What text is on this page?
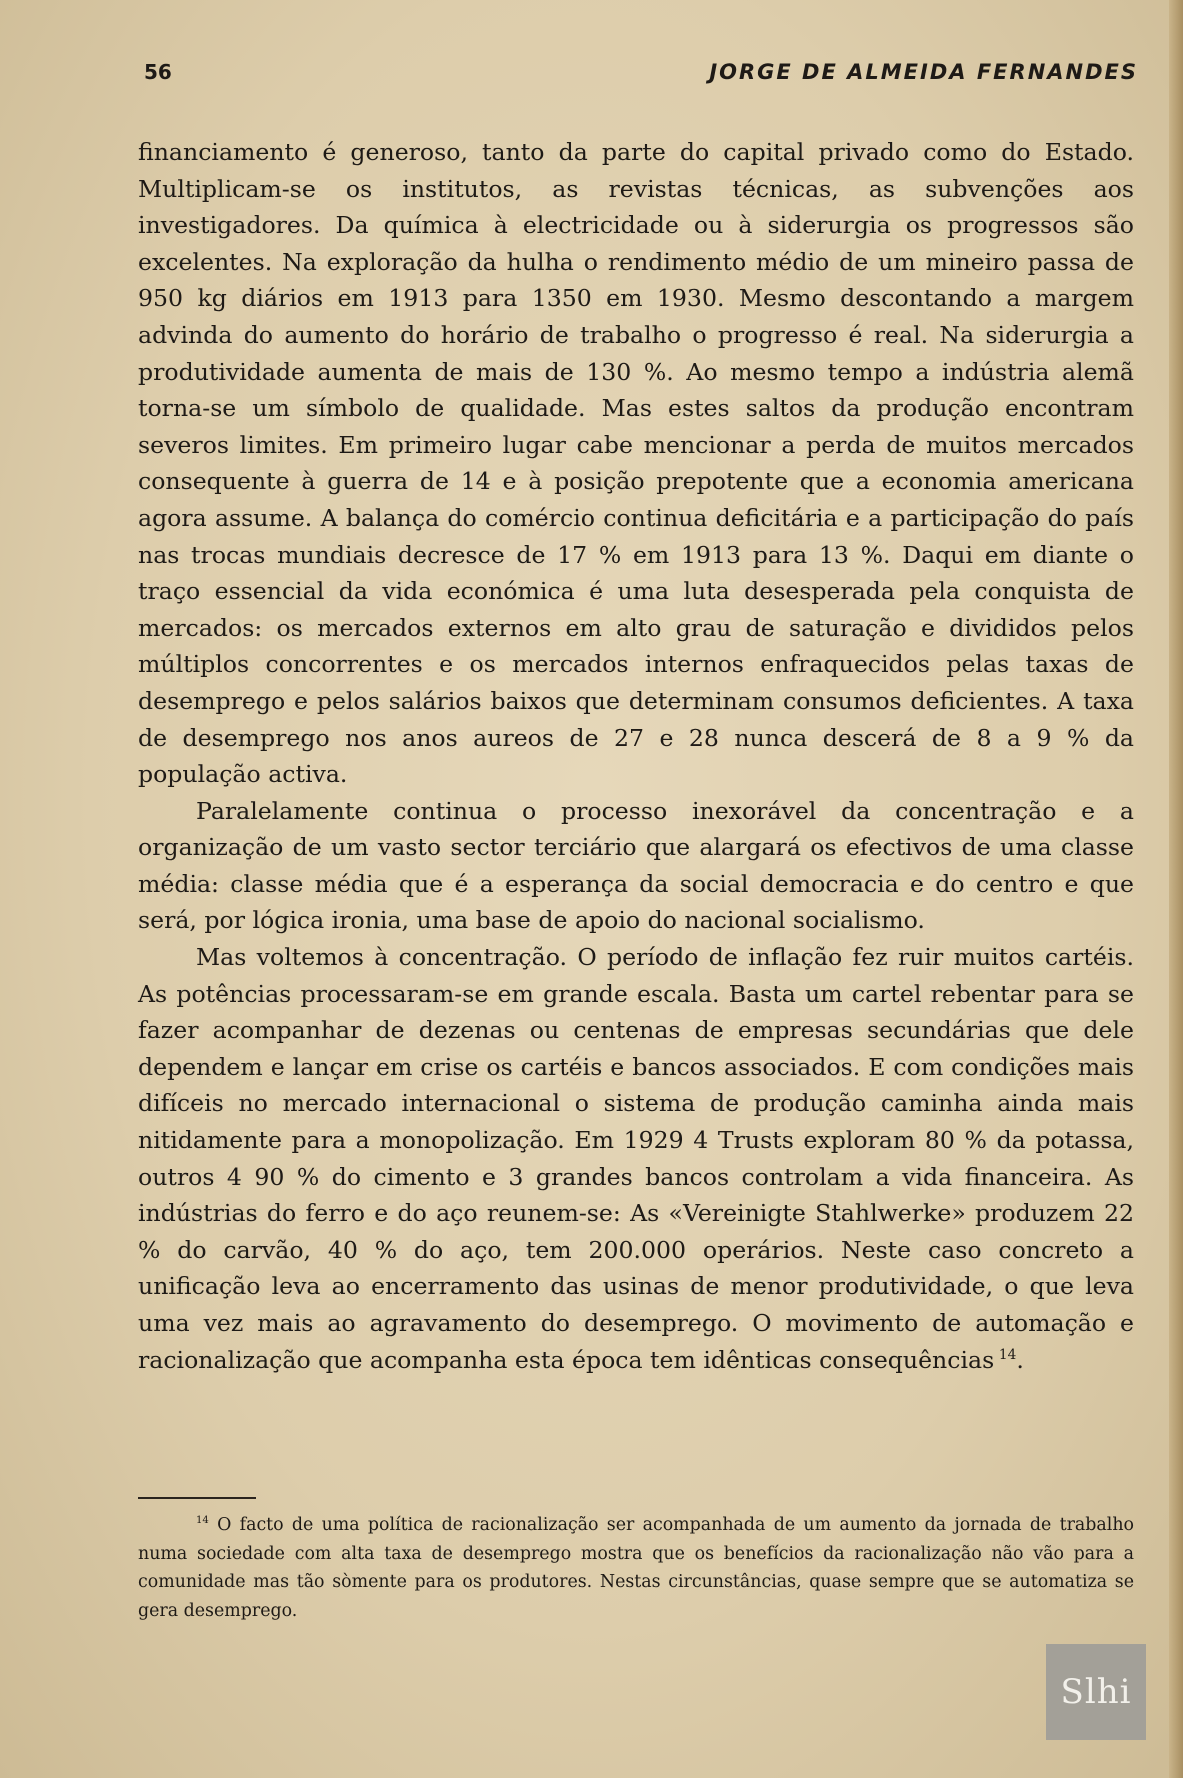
56	JORGE DE ALMEIDA FERNANDES

financiamento é generoso, tanto da parte do capital privado como do Estado. Multiplicam-se os institutos, as revistas técnicas, as subvenções aos investigadores. Da química à electricidade ou à siderurgia os progressos são excelentes. Na exploração da hulha o rendimento médio de um mineiro passa de 950 kg diários em 1913 para 1350 em 1930. Mesmo descontando a margem advinda do aumento do horário de trabalho o progresso é real. Na siderurgia a produtividade aumenta de mais de 130 %. Ao mesmo tempo a indústria alemã torna-se um símbolo de qualidade. Mas estes saltos da produção encontram severos limites. Em primeiro lugar cabe mencionar a perda de muitos mercados consequente à guerra de 14 e à posição prepotente que a economia americana agora assume. A balança do comércio continua deficitária e a participação do país nas trocas mundiais decresce de 17 % em 1913 para 13 %. Daqui em diante o traço essencial da vida económica é uma luta desesperada pela conquista de mercados: os mercados externos em alto grau de saturação e divididos pelos múltiplos concorrentes e os mercados internos enfraquecidos pelas taxas de desemprego e pelos salários baixos que determinam consumos deficientes. A taxa de desemprego nos anos aureos de 27 e 28 nunca descerá de 8 a 9 % da população activa.

Paralelamente continua o processo inexorável da concentração e a organização de um vasto sector terciário que alargará os efectivos de uma classe média: classe média que é a esperança da social democracia e do centro e que será, por lógica ironia, uma base de apoio do nacional socialismo.

Mas voltemos à concentração. O período de inflação fez ruir muitos cartéis. As potências processaram-se em grande escala. Basta um cartel rebentar para se fazer acompanhar de dezenas ou centenas de empresas secundárias que dele dependem e lançar em crise os cartéis e bancos associados. E com condições mais difíceis no mercado internacional o sistema de produção caminha ainda mais nitidamente para a monopolização. Em 1929 4 Trusts exploram 80 % da potassa, outros 4 90 % do cimento e 3 grandes bancos controlam a vida financeira. As indústrias do ferro e do aço reunem-se: As «Vereinigte Stahlwerke» produzem 22 % do carvão, 40 % do aço, tem 200.000 operários. Neste caso concreto a unificação leva ao encerramento das usinas de menor produtividade, o que leva uma vez mais ao agravamento do desemprego. O movimento de automação e racionalização que acompanha esta época tem idênticas consequências  $^{14}$.

$^{14}$ O facto de uma política de racionalização ser acompanhada de um aumento da jornada de trabalho numa sociedade com alta taxa de desemprego mostra que os benefícios da racionalização não vão para a comunidade mas tão sòmente para os produtores. Nestas circunstâncias, quase sempre que se automatiza se gera desemprego.

Slhi
